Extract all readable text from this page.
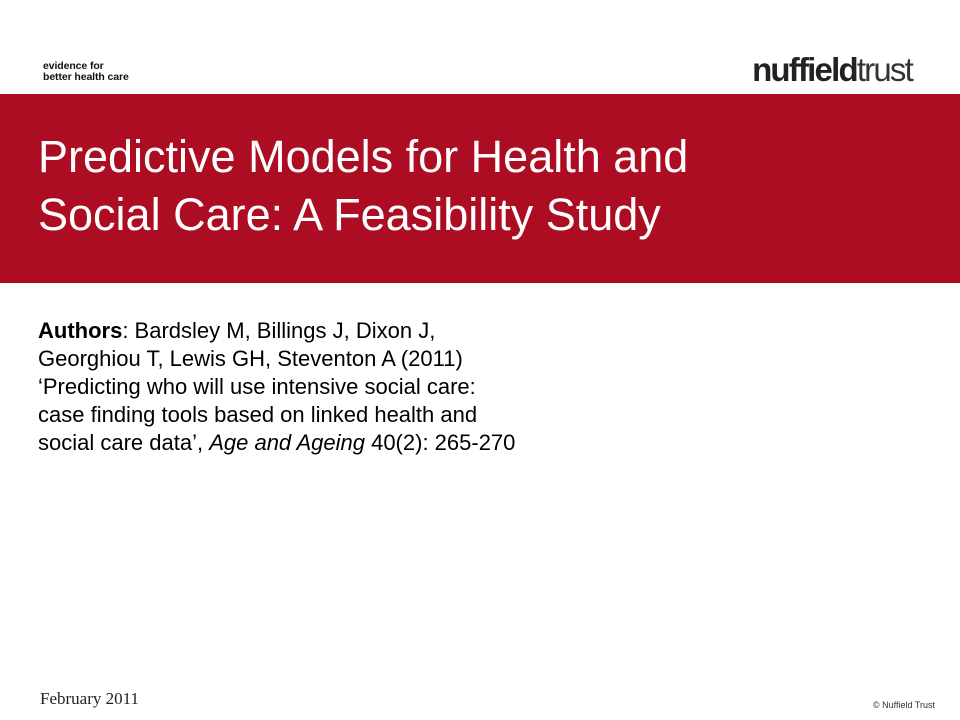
evidence for
better health care	nuffieldtrust
Predictive Models for Health and
Social Care: A Feasibility Study
Authors: Bardsley M, Billings J, Dixon J,
Georghiou T, Lewis GH, Steventon A (2011)
‘Predicting who will use intensive social care:
case finding tools based on linked health and
social care data’, Age and Ageing 40(2): 265-270
February 2011	© Nuffield Trust
